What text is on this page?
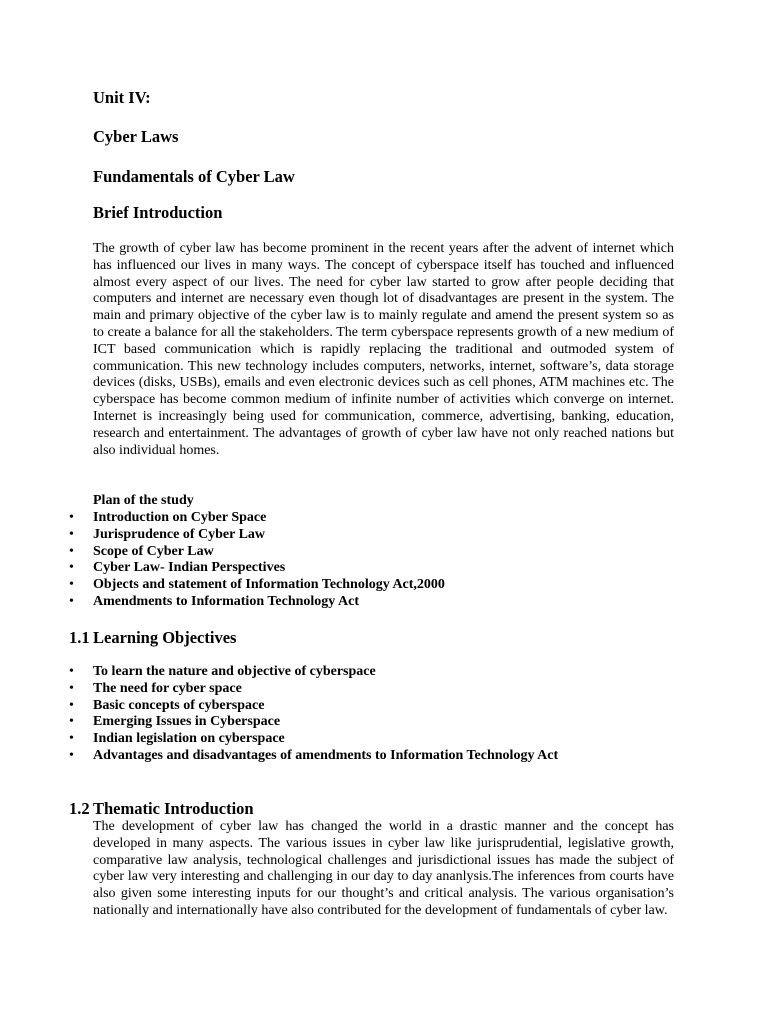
Unit IV:
Cyber Laws
Fundamentals of Cyber Law
Brief Introduction

The growth of cyber law has become prominent in the recent years after the advent of internet which has influenced our lives in many ways. The concept of cyberspace itself has touched and influenced almost every aspect of our lives. The need for cyber law started to grow after people deciding that computers and internet are necessary even though lot of disadvantages are present in the system. The main and primary objective of the cyber law is to mainly regulate and amend the present system so as to create a balance for all the stakeholders. The term cyberspace represents growth of a new medium of ICT based communication which is rapidly replacing the traditional and outmoded system of communication. This new technology includes computers, networks, internet, software’s, data storage devices (disks, USBs), emails and even electronic devices such as cell phones, ATM machines etc. The cyberspace has become common medium of infinite number of activities which converge on internet. Internet is increasingly being used for communication, commerce, advertising, banking, education, research and entertainment. The advantages of growth of cyber law have not only reached nations but also individual homes.

Plan of the study

• Introduction on Cyber Space
• Jurisprudence of Cyber Law
• Scope of Cyber Law
• Cyber Law- Indian Perspectives
• Objects and statement of Information Technology Act,2000
• Amendments to Information Technology Act
1.1 Learning Objectives
• To learn the nature and objective of cyberspace
• The need for cyber space
• Basic concepts of cyberspace
• Emerging Issues in Cyberspace
• Indian legislation on cyberspace
• Advantages and disadvantages of amendments to Information Technology Act
1.2 Thematic Introduction

The development of cyber law has changed the world in a drastic manner and the concept has developed in many aspects. The various issues in cyber law like jurisprudential, legislative growth, comparative law analysis, technological challenges and jurisdictional issues has made the subject of cyber law very interesting and challenging in our day to day ananlysis.The inferences from courts have also given some interesting inputs for our thought’s and critical analysis. The various organisation’s nationally and internationally have also contributed for the development of fundamentals of cyber law.
